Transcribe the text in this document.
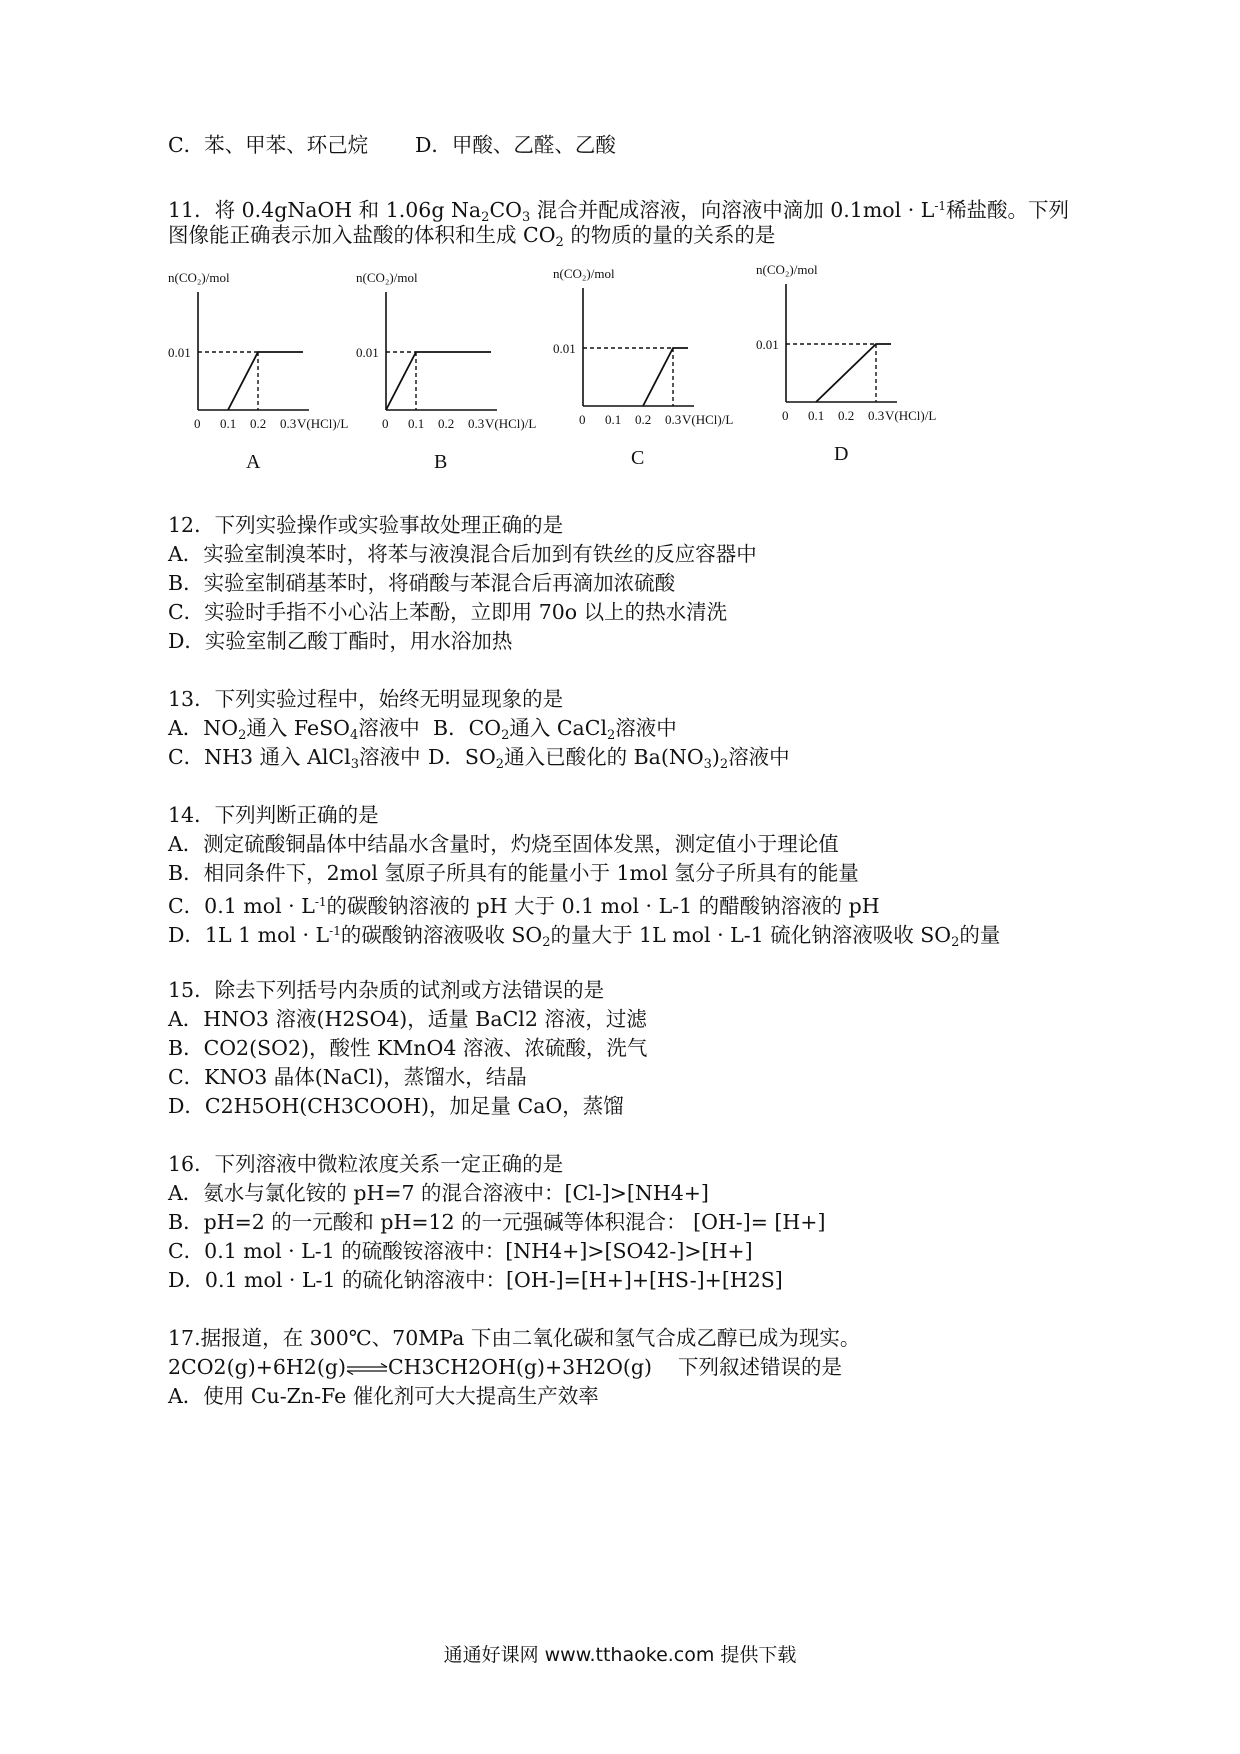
C．苯、甲苯、环己烷 D．甲酸、乙醛、乙酸
11．将 0.4gNaOH 和 1.06g $Na_2CO_3$ 混合并配成溶液，向溶液中滴加 $0.1mol \cdot L^{-1}$稀盐酸。下列
图像能正确表示加入盐酸的体积和生成 $CO_2$ 的物质的量的关系的是
n(CO₂)/mol
0.01
0 0.1 0.2 0.3 V(HCl)/L
A
n(CO₂)/mol
0.01
0 0.1 0.2 0.3 V(HCl)/L
B
n(CO₂)/mol
0.01
0 0.1 0.2 0.3 V(HCl)/L
C
n(CO₂)/mol
0.01
0 0.1 0.2 0.3 V(HCl)/L
D
12．下列实验操作或实验事故处理正确的是
A．实验室制溴苯时，将苯与液溴混合后加到有铁丝的反应容器中
B．实验室制硝基苯时，将硝酸与苯混合后再滴加浓硫酸
C．实验时手指不小心沾上苯酚，立即用 70o 以上的热水清洗
D．实验室制乙酸丁酯时，用水浴加热
13．下列实验过程中，始终无明显现象的是
A．$NO_2$通入 FeSO$_4$溶液中 B．$CO_2$通入 CaCl$_2$溶液中
C．NH3 通入 AlCl$_3$溶液中 D．$SO_2$通入已酸化的 $Ba(NO_3)_2$溶液中
14．下列判断正确的是
A．测定硫酸铜晶体中结晶水含量时，灼烧至固体发黑，测定值小于理论值
B．相同条件下，2mol 氢原子所具有的能量小于 1mol 氢分子所具有的能量
C．0.1 mol · $L^{-1}$的碳酸钠溶液的 pH 大于 0.1 mol · L-1 的醋酸钠溶液的 pH
D．1L 1 mol · $L^{-1}$的碳酸钠溶液吸收 $SO_2$的量大于 1L mol · L-1 硫化钠溶液吸收 $SO_2$的量
15．除去下列括号内杂质的试剂或方法错误的是
A．HNO3 溶液(H2SO4)，适量 BaCl2 溶液，过滤
B．CO2(SO2)，酸性 KMnO4 溶液、浓硫酸，洗气
C．KNO3 晶体(NaCl)，蒸馏水，结晶
D．C2H5OH(CH3COOH)，加足量 CaO，蒸馏
16．下列溶液中微粒浓度关系一定正确的是
A．氨水与氯化铵的 pH=7 的混合溶液中：[Cl-]>[NH4+]
B．pH=2 的一元酸和 pH=12 的一元强碱等体积混合： [OH-]= [H+]
C．0.1 mol · L-1 的硫酸铵溶液中：[NH4+]>[SO42-]>[H+]
D．0.1 mol · L-1 的硫化钠溶液中：[OH-]=[H+]+[HS-]+[H2S]
17.据报道，在 300℃、70MPa 下由二氧化碳和氢气合成乙醇已成为现实。
2CO2(g)+6H2(g)⇌CH3CH2OH(g)+3H2O(g) 下列叙述错误的是
A．使用 Cu-Zn-Fe 催化剂可大大提高生产效率
通通好课网 www.tthaoke.com 提供下载
